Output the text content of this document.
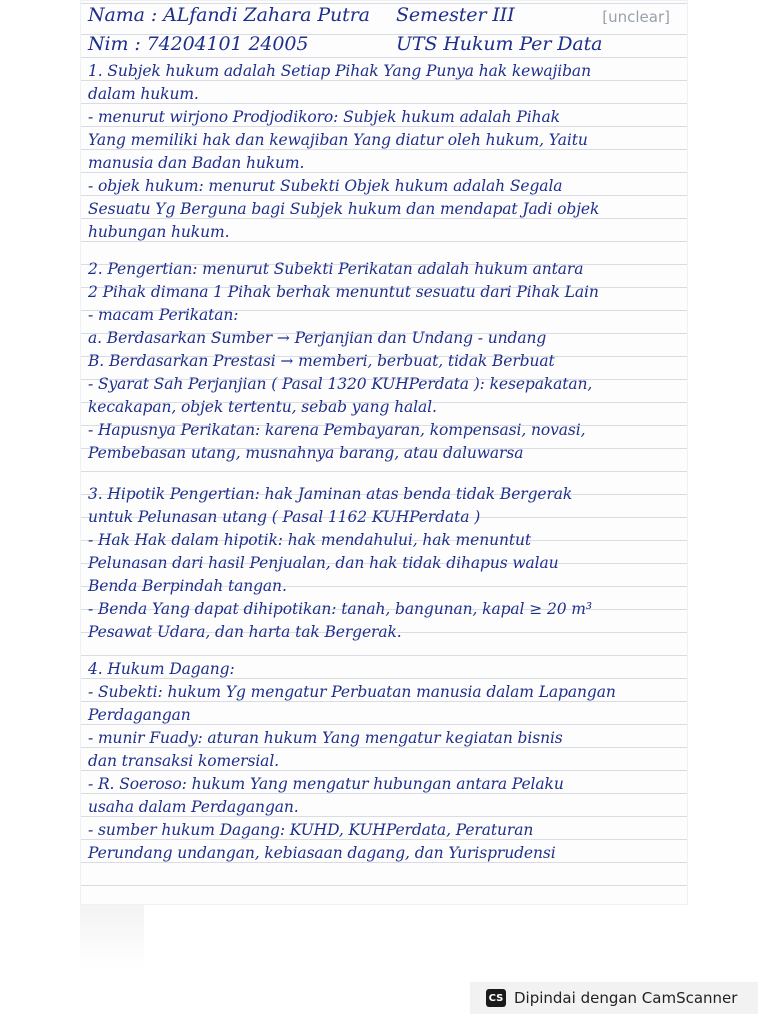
[unclear]
Nama : ALfandi Zahara Putra Semester III
Nim : 74204101 24005	UTS Hukum Per Data
1. Subjek hukum adalah Setiap Pihak Yang Punya hak kewajiban
dalam hukum.
- menurut wirjono Prodjodikoro: Subjek hukum adalah Pihak
Yang memiliki hak dan kewajiban Yang diatur oleh hukum, Yaitu
manusia dan Badan hukum.
- objek hukum: menurut Subekti Objek hukum adalah Segala
Sesuatu Yg Berguna bagi Subjek hukum dan mendapat Jadi objek
hubungan hukum.
2. Pengertian: menurut Subekti Perikatan adalah hukum antara
2 Pihak dimana 1 Pihak berhak menuntut sesuatu dari Pihak Lain
- macam Perikatan:
a. Berdasarkan Sumber → Perjanjian dan Undang - undang
B. Berdasarkan Prestasi → memberi, berbuat, tidak Berbuat
- Syarat Sah Perjanjian ( Pasal 1320 KUHPerdata ): kesepakatan,
kecakapan, objek tertentu, sebab yang halal.
- Hapusnya Perikatan: karena Pembayaran, kompensasi, novasi,
Pembebasan utang, musnahnya barang, atau daluwarsa
3. Hipotik Pengertian: hak Jaminan atas benda tidak Bergerak
untuk Pelunasan utang ( Pasal 1162 KUHPerdata )
- Hak Hak dalam hipotik: hak mendahului, hak menuntut
Pelunasan dari hasil Penjualan, dan hak tidak dihapus walau
Benda Berpindah tangan.
- Benda Yang dapat dihipotikan: tanah, bangunan, kapal ≥ 20 m³
Pesawat Udara, dan harta tak Bergerak.
4. Hukum Dagang:
- Subekti: hukum Yg mengatur Perbuatan manusia dalam Lapangan
Perdagangan
- munir Fuady: aturan hukum Yang mengatur kegiatan bisnis
dan transaksi komersial.
- R. Soeroso: hukum Yang mengatur hubungan antara Pelaku
usaha dalam Perdagangan.
- sumber hukum Dagang: KUHD, KUHPerdata, Peraturan
Perundang undangan, kebiasaan dagang, dan Yurisprudensi
CS Dipindai dengan CamScanner
